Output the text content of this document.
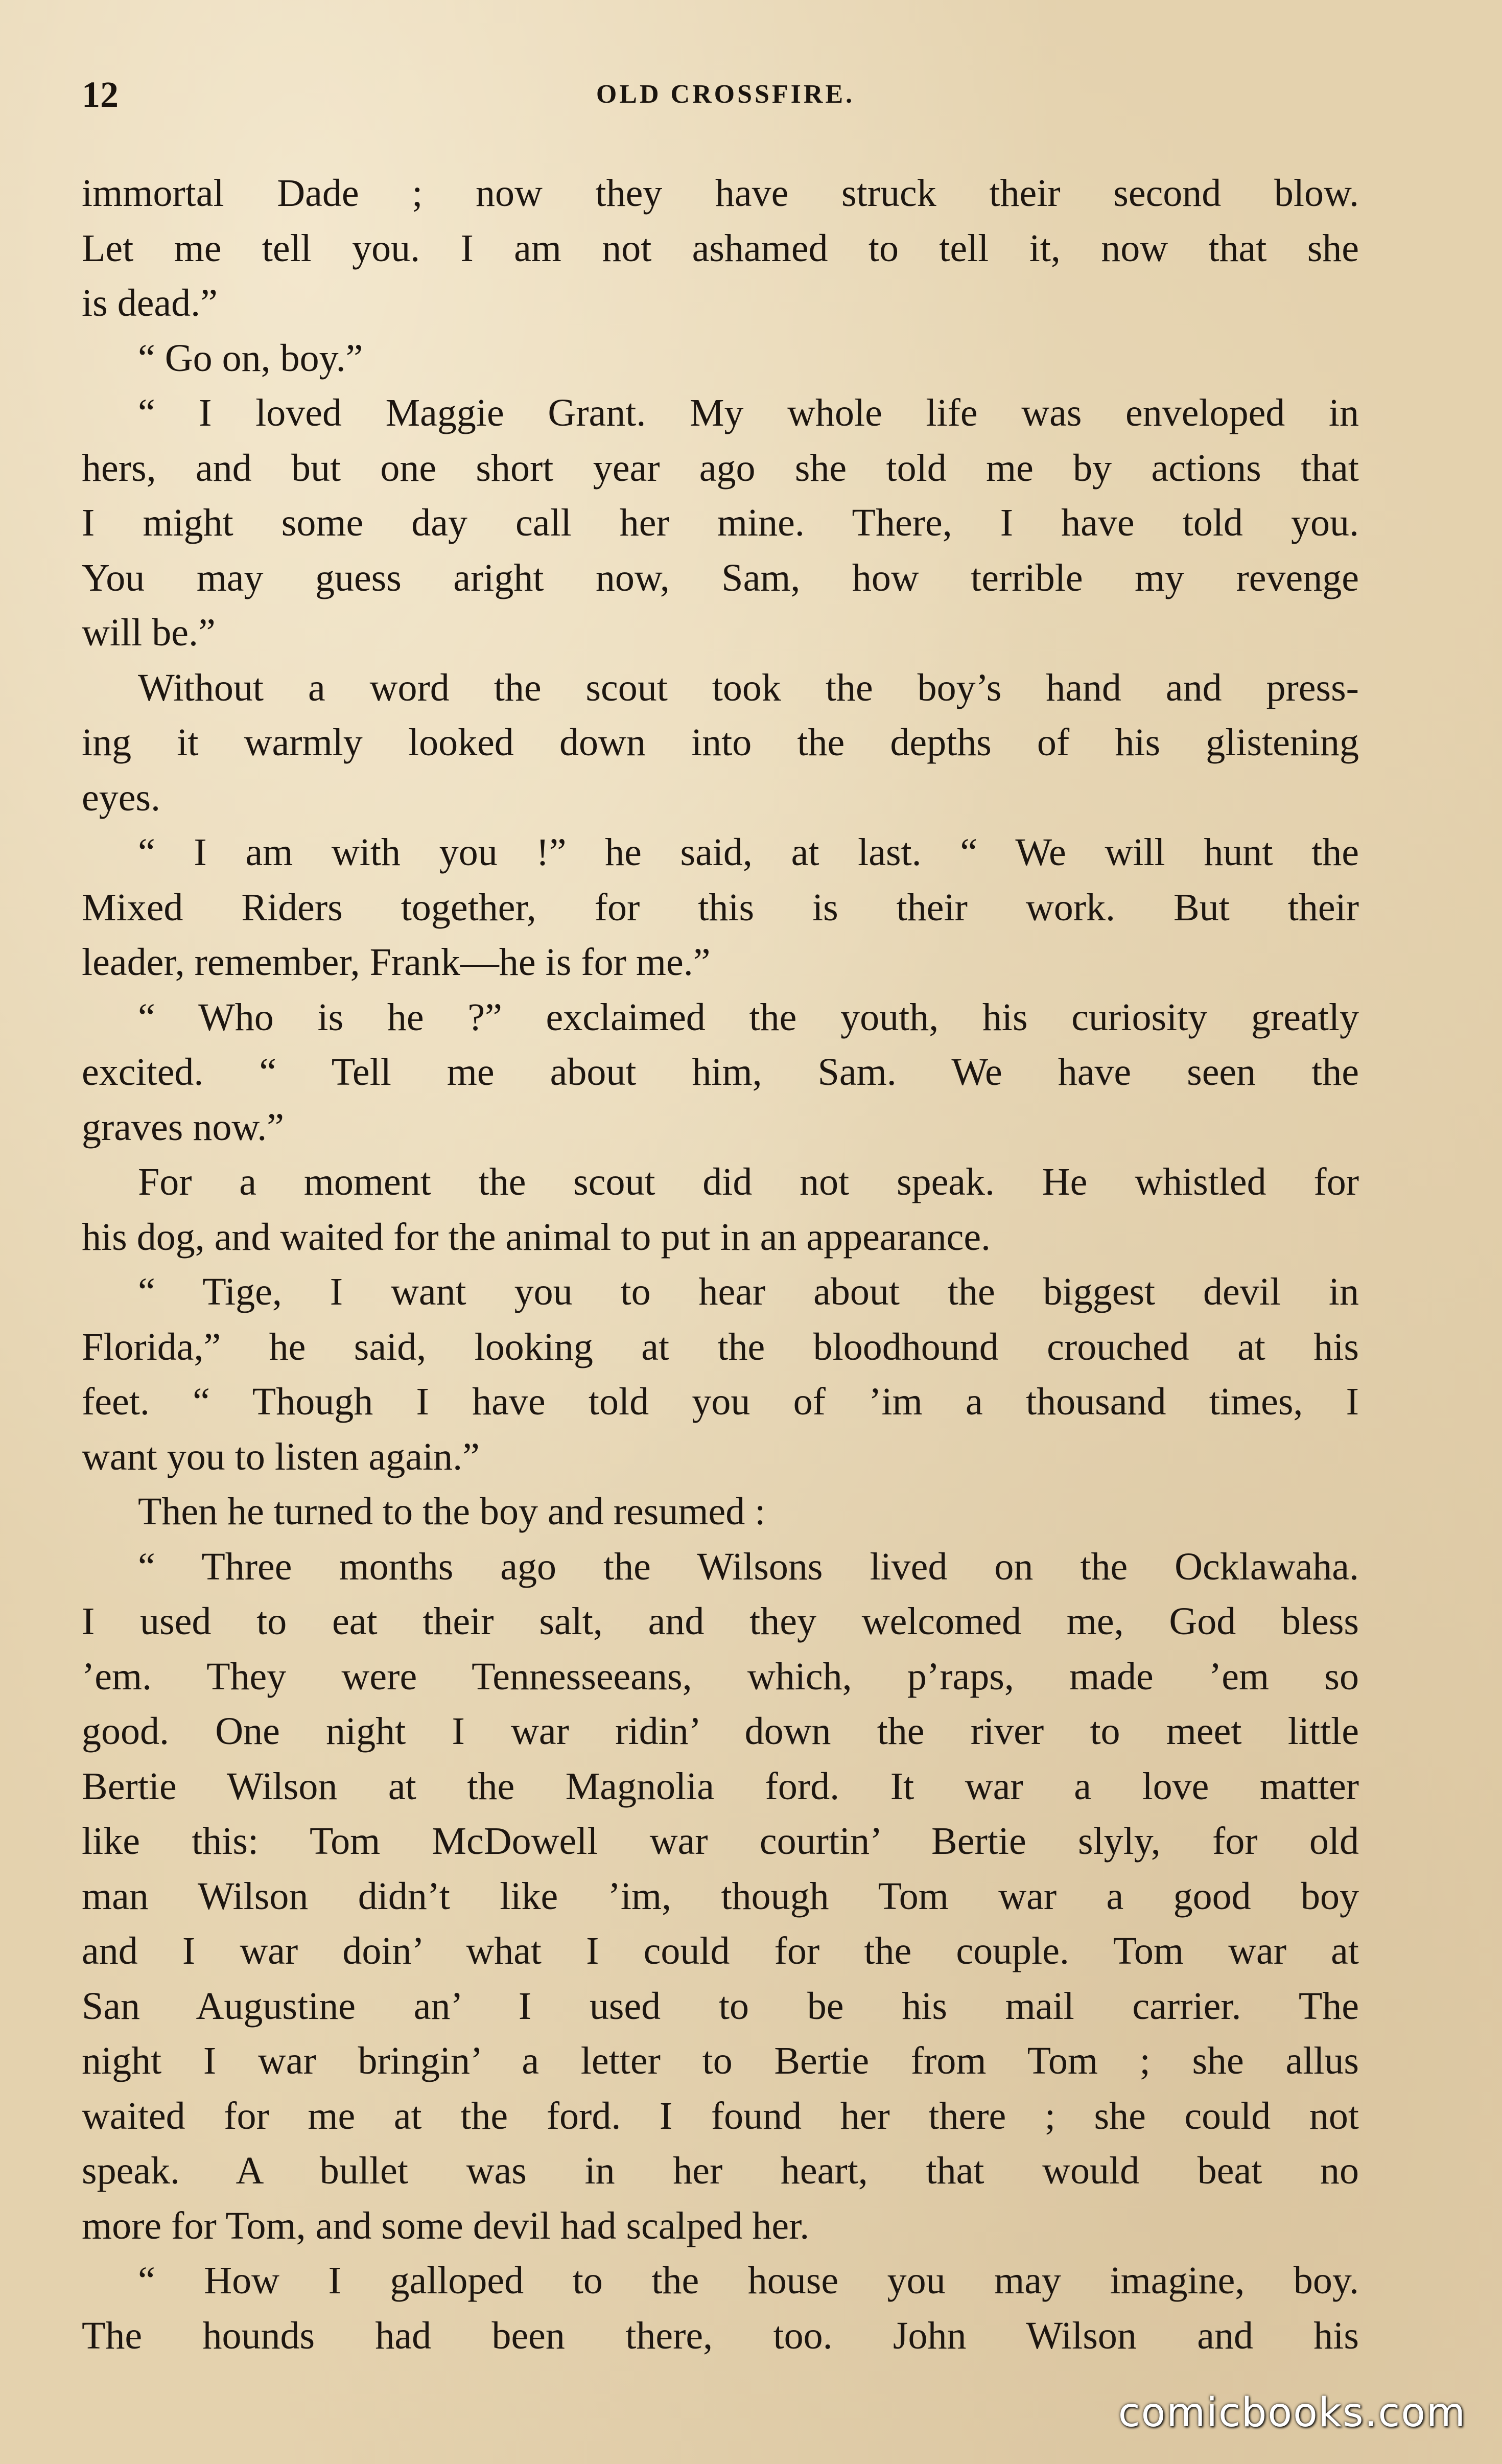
12	OLD CROSSFIRE.
immortal Dade ; now they have struck their second blow.
Let me tell you. I am not ashamed to tell it, now that she
is dead.”
“ Go on, boy.”
“ I loved Maggie Grant. My whole life was enveloped in
hers, and but one short year ago she told me by actions that
I might some day call her mine. There, I have told you.
You may guess aright now, Sam, how terrible my revenge
will be.”
Without a word the scout took the boy’s hand and press-
ing it warmly looked down into the depths of his glistening
eyes.
“ I am with you !” he said, at last. “ We will hunt the
Mixed Riders together, for this is their work. But their
leader, remember, Frank—he is for me.”
“ Who is he ?” exclaimed the youth, his curiosity greatly
excited. “ Tell me about him, Sam. We have seen the
graves now.”
For a moment the scout did not speak. He whistled for
his dog, and waited for the animal to put in an appearance.
“ Tige, I want you to hear about the biggest devil in
Florida,” he said, looking at the bloodhound crouched at his
feet. “ Though I have told you of ’im a thousand times, I
want you to listen again.”
Then he turned to the boy and resumed :
“ Three months ago the Wilsons lived on the Ocklawaha.
I used to eat their salt, and they welcomed me, God bless
’em. They were Tennesseeans, which, p’raps, made ’em so
good. One night I war ridin’ down the river to meet little
Bertie Wilson at the Magnolia ford. It war a love matter
like this: Tom McDowell war courtin’ Bertie slyly, for old
man Wilson didn’t like ’im, though Tom war a good boy
and I war doin’ what I could for the couple. Tom war at
San Augustine an’ I used to be his mail carrier. The
night I war bringin’ a letter to Bertie from Tom ; she allus
waited for me at the ford. I found her there ; she could not
speak. A bullet was in her heart, that would beat no
more for Tom, and some devil had scalped her.
“ How I galloped to the house you may imagine, boy.
The hounds had been there, too. John Wilson and his
comicbooks.com
